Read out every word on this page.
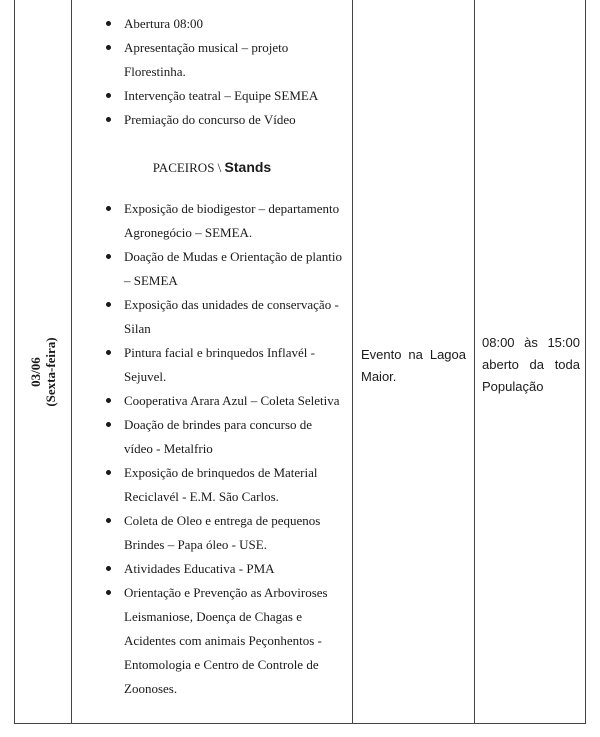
03/06 (Sexta-feira)
Abertura 08:00
Apresentação musical – projeto Florestinha.
Intervenção teatral – Equipe SEMEA
Premiação do concurso de Vídeo
PACEIROS \ Stands
Exposição de biodigestor – departamento Agronegócio – SEMEA.
Doação de Mudas e Orientação de plantio – SEMEA
Exposição das unidades de conservação - Silan
Pintura facial e brinquedos Inflavél - Sejuvel.
Cooperativa Arara Azul – Coleta Seletiva
Doação de brindes para concurso de vídeo - Metalfrio
Exposição de brinquedos de Material Reciclavél - E.M. São Carlos.
Coleta de Oleo e entrega de pequenos Brindes – Papa óleo - USE.
Atividades Educativa - PMA
Orientação e Prevenção as Arboviroses Leismaniose, Doença de Chagas e Acidentes com animais Peçonhentos - Entomologia e Centro de Controle de Zoonoses.
Evento na Lagoa Maior.
08:00 às 15:00
aberto da toda
População
